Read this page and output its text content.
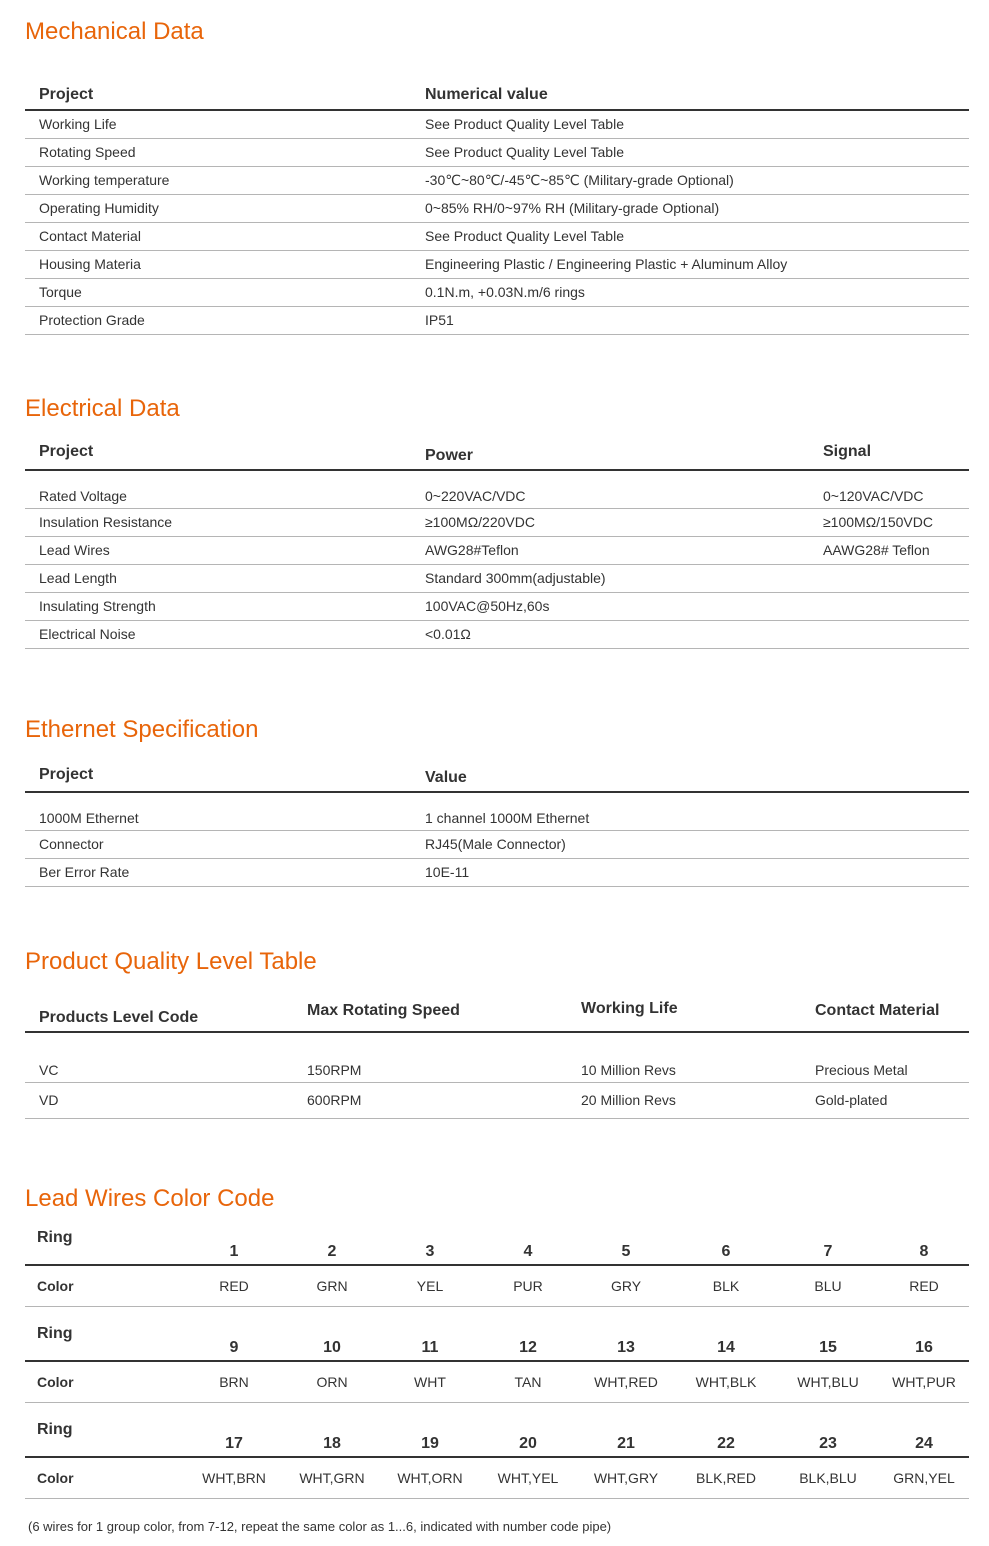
Mechanical Data
Project	Numerical value
Working Life	See Product Quality Level Table
Rotating Speed	See Product Quality Level Table
Working temperature	-30℃~80℃/-45℃~85℃ (Military-grade Optional)
Operating Humidity	0~85% RH/0~97% RH (Military-grade Optional)
Contact Material	See Product Quality Level Table
Housing Materia	Engineering Plastic / Engineering Plastic + Aluminum Alloy
Torque	0.1N.m, +0.03N.m/6 rings
Protection Grade	IP51
Electrical Data
Project	Power	Signal
Rated Voltage	0~220VAC/VDC	0~120VAC/VDC
Insulation Resistance	≥100MΩ/220VDC	≥100MΩ/150VDC
Lead Wires	AWG28#Teflon	AAWG28# Teflon
Lead Length	Standard 300mm(adjustable)	
Insulating Strength	100VAC@50Hz,60s	
Electrical Noise	<0.01Ω	
Ethernet Specification
Project	Value
1000M Ethernet	1 channel 1000M Ethernet
Connector	RJ45(Male Connector)
Ber Error Rate	10E-11
Product Quality Level Table
Products Level Code	Max Rotating Speed	Working Life	Contact Material
VC	150RPM	10 Million Revs	Precious Metal
VD	600RPM	20 Million Revs	Gold-plated
Lead Wires Color Code
Ring	1	2	3	4	5	6	7	8
Color	RED	GRN	YEL	PUR	GRY	BLK	BLU	RED

Ring	9	10	11	12	13	14	15	16
Color	BRN	ORN	WHT	TAN	WHT,RED	WHT,BLK	WHT,BLU	WHT,PUR

Ring	17	18	19	20	21	22	23	24
Color	WHT,BRN	WHT,GRN	WHT,ORN	WHT,YEL	WHT,GRY	BLK,RED	BLK,BLU	GRN,YEL
(6 wires for 1 group color, from 7-12, repeat the same color as 1...6, indicated with number code pipe)
